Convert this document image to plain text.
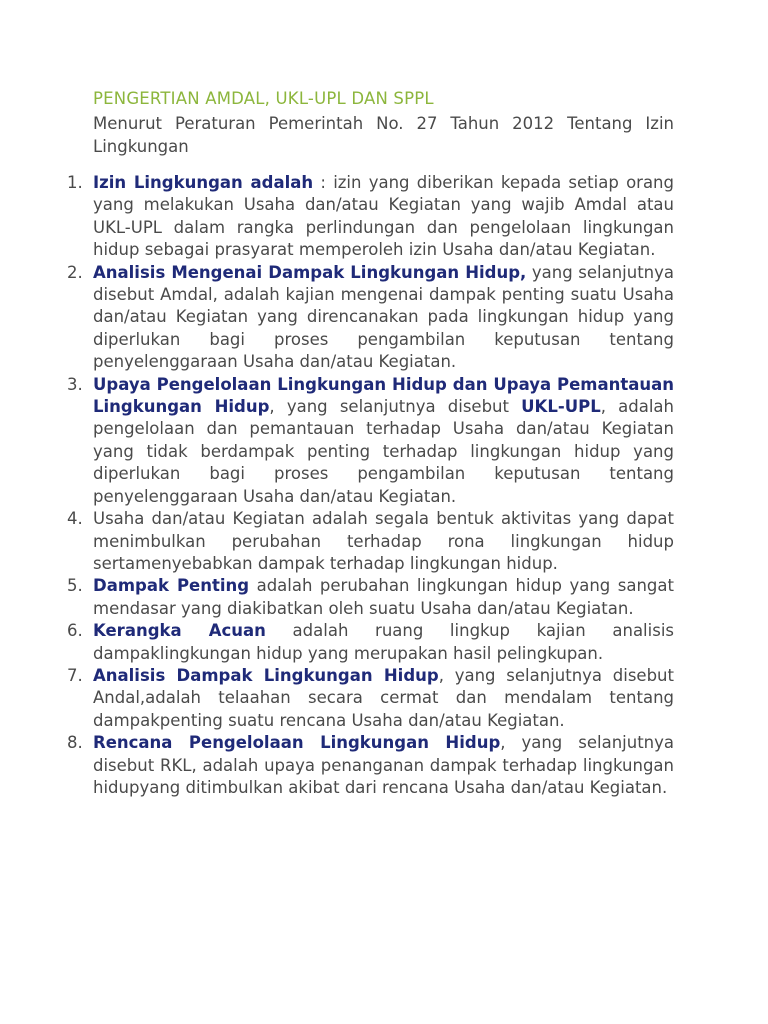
PENGERTIAN AMDAL, UKL-UPL DAN SPPL

Menurut Peraturan Pemerintah No. 27 Tahun 2012 Tentang Izin Lingkungan

1. Izin Lingkungan adalah : izin yang diberikan kepada setiap orang yang melakukan Usaha dan/atau Kegiatan yang wajib Amdal atau UKL-UPL dalam rangka perlindungan dan pengelolaan lingkungan hidup sebagai prasyarat memperoleh izin Usaha dan/atau Kegiatan.
2. Analisis Mengenai Dampak Lingkungan Hidup, yang selanjutnya disebut Amdal, adalah kajian mengenai dampak penting suatu Usaha dan/atau Kegiatan yang direncanakan pada lingkungan hidup yang diperlukan bagi proses pengambilan keputusan tentang penyelenggaraan Usaha dan/atau Kegiatan.
3. Upaya Pengelolaan Lingkungan Hidup dan Upaya Pemantauan Lingkungan Hidup, yang selanjutnya disebut UKL-UPL, adalah pengelolaan dan pemantauan terhadap Usaha dan/atau Kegiatan yang tidak berdampak penting terhadap lingkungan hidup yang diperlukan bagi proses pengambilan keputusan tentang penyelenggaraan Usaha dan/atau Kegiatan.
4. Usaha dan/atau Kegiatan adalah segala bentuk aktivitas yang dapat menimbulkan perubahan terhadap rona lingkungan hidup sertamenyebabkan dampak terhadap lingkungan hidup.
5. Dampak Penting adalah perubahan lingkungan hidup yang sangat mendasar yang diakibatkan oleh suatu Usaha dan/atau Kegiatan.
6. Kerangka Acuan adalah ruang lingkup kajian analisis dampaklingkungan hidup yang merupakan hasil pelingkupan.
7. Analisis Dampak Lingkungan Hidup, yang selanjutnya disebut Andal,adalah telaahan secara cermat dan mendalam tentang dampakpenting suatu rencana Usaha dan/atau Kegiatan.
8. Rencana Pengelolaan Lingkungan Hidup, yang selanjutnya disebut RKL, adalah upaya penanganan dampak terhadap lingkungan hidupyang ditimbulkan akibat dari rencana Usaha dan/atau Kegiatan.
